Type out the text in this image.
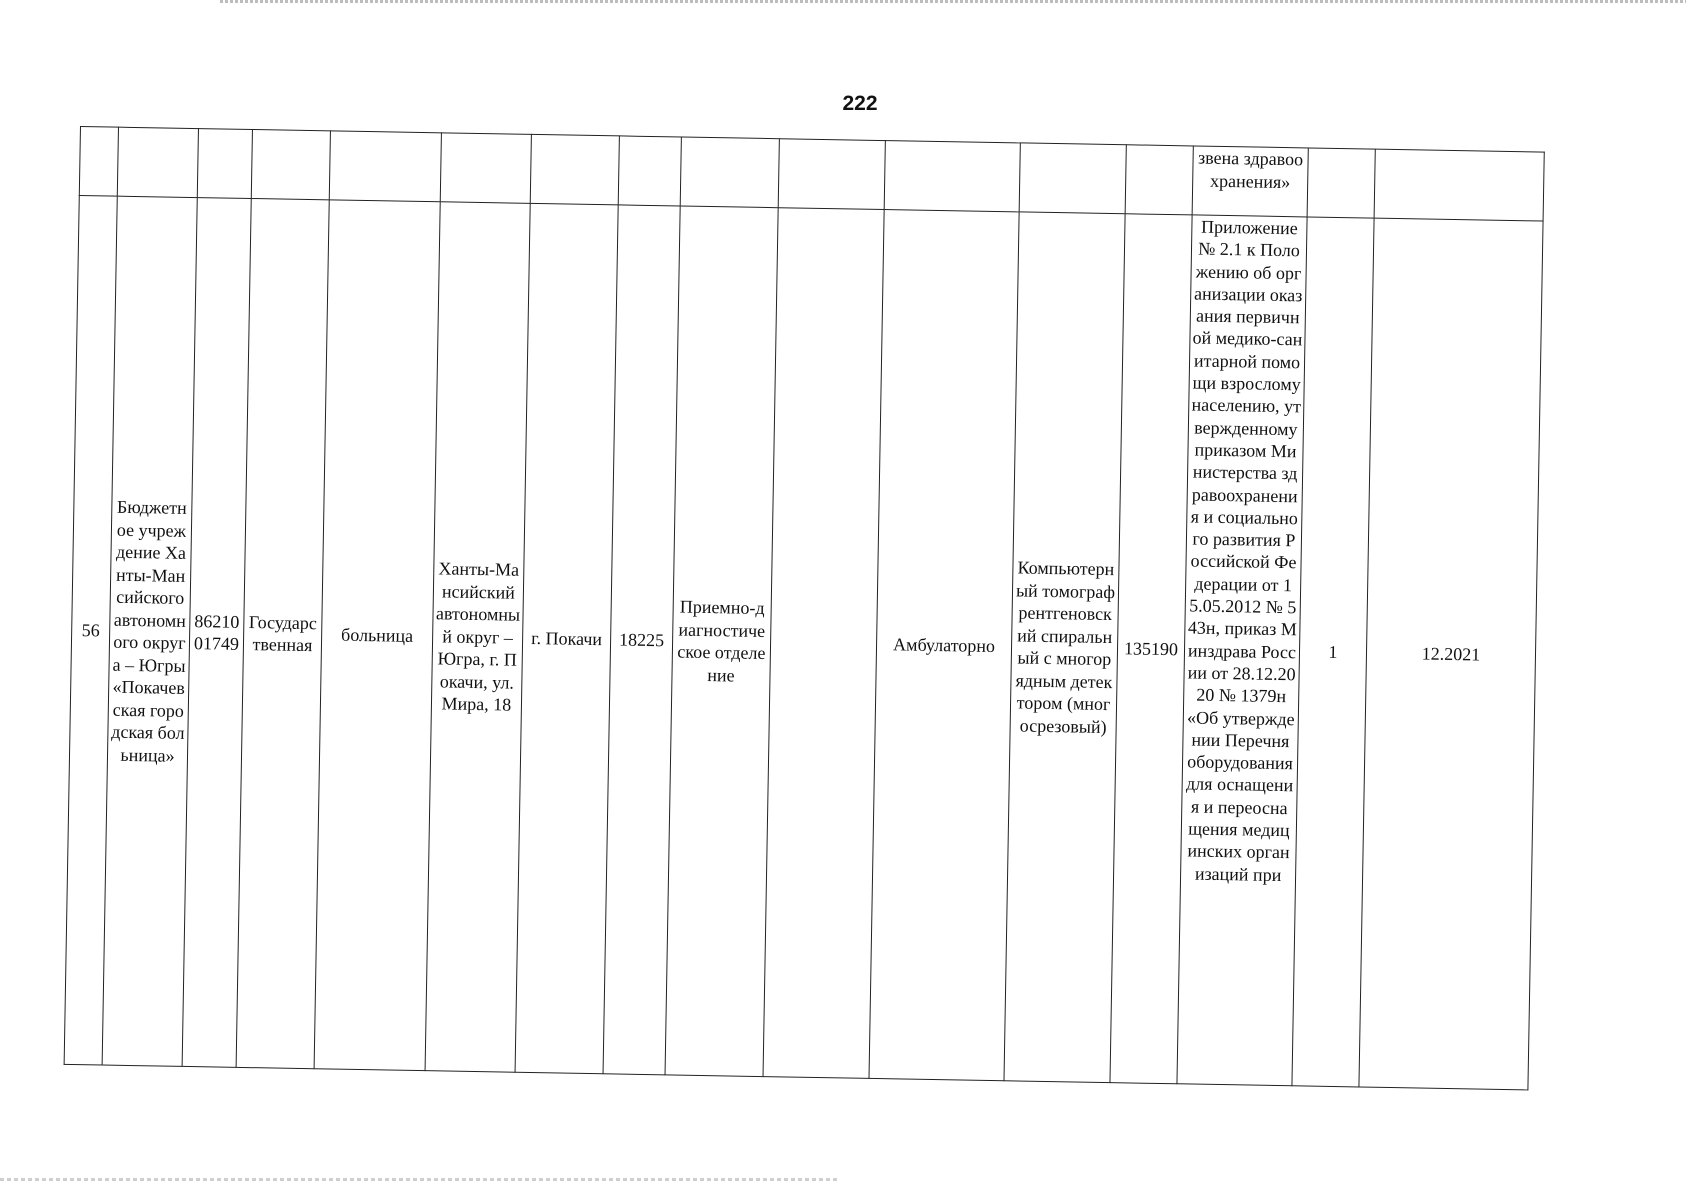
222
													звена здравоохранения»		
56	Бюджетное учреждение Ханты-Мансийского автономного округа – Югры «Покачевская городская больница»	8621001749	Государственная	больница	Ханты-Мансийский автономный округ – Югра, г. Покачи, ул.Мира, 18	г. Покачи	18225	Приемно-диагностическое отделение		Амбулаторно	Компьютерный томограф рентгеновский спиральный с многорядным детектором (многосрезовый)	135190	Приложение № 2.1 к Положению об организации оказания первичной медико-санитарной помощи взрослому населению, утвержденному приказом Министерства здравоохранения и социального развития Российской Федерации от 15.05.2012 № 543н, приказ Минздрава России от 28.12.2020 № 1379н «Об утверждении Перечня оборудования для оснащения и переоснащения медицинских организаций при	1	12.2021
